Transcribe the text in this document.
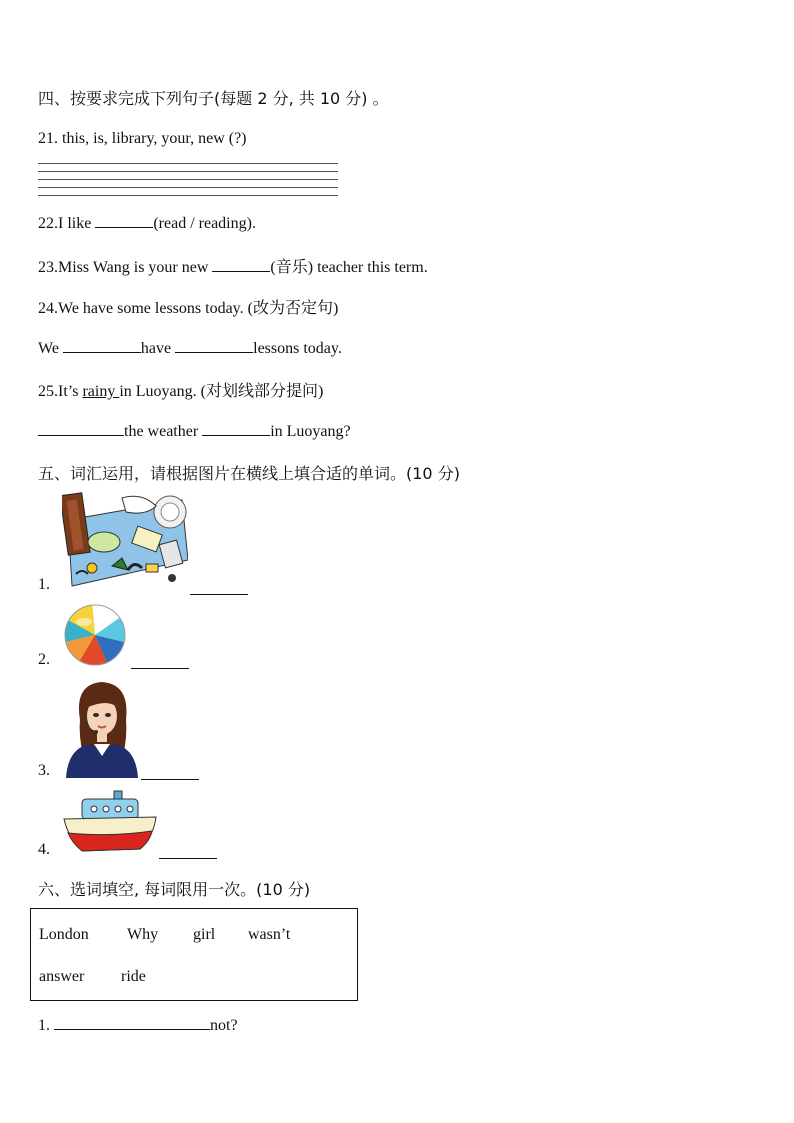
四、按要求完成下列句子(每题 2 分, 共 10 分) 。
21. this, is, library, your, new (?)
22.I like	(read / reading).
23.Miss Wang is your new	(音乐) teacher this term.
24.We have some lessons today. (改为否定句)
We	have	lessons today.
25.It’s rainy in Luoyang. (对划线部分提问)
the weather	in Luoyang?
五、词汇运用，请根据图片在横线上填合适的单词。(10 分)
1.
2.
3.
4.
六、选词填空, 每词限用一次。(10 分)
London Why girl wasn’t
answer ride
1.	not?
